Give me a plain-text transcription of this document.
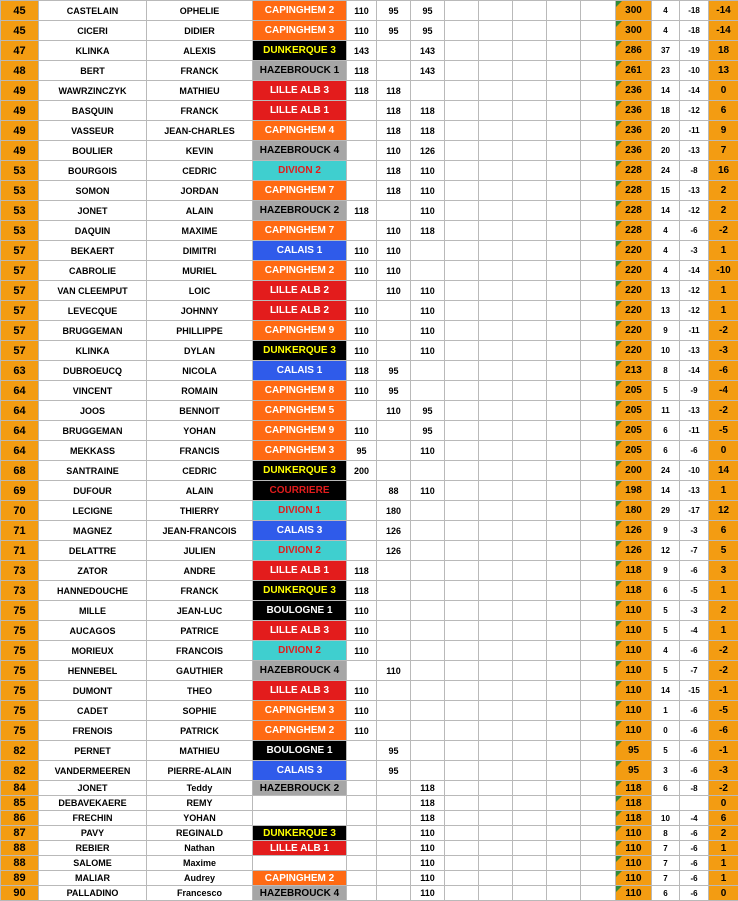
45	CASTELAIN	OPHELIE	CAPINGHEM 2	110	95	95						300	4	-18	-14
45	CICERI	DIDIER	CAPINGHEM 3	110	95	95						300	4	-18	-14
47	KLINKA	ALEXIS	DUNKERQUE 3	143		143						286	37	-19	18
48	BERT	FRANCK	HAZEBROUCK 1	118		143						261	23	-10	13
49	WAWRZINCZYK	MATHIEU	LILLE ALB 3	118	118							236	14	-14	0
49	BASQUIN	FRANCK	LILLE ALB 1		118	118						236	18	-12	6
49	VASSEUR	JEAN-CHARLES	CAPINGHEM 4		118	118						236	20	-11	9
49	BOULIER	KEVIN	HAZEBROUCK 4		110	126						236	20	-13	7
53	BOURGOIS	CEDRIC	DIVION 2		118	110						228	24	-8	16
53	SOMON	JORDAN	CAPINGHEM 7		118	110						228	15	-13	2
53	JONET	ALAIN	HAZEBROUCK 2	118		110						228	14	-12	2
53	DAQUIN	MAXIME	CAPINGHEM 7		110	118						228	4	-6	-2
57	BEKAERT	DIMITRI	CALAIS 1	110	110							220	4	-3	1
57	CABROLIE	MURIEL	CAPINGHEM 2	110	110							220	4	-14	-10
57	VAN CLEEMPUT	LOIC	LILLE ALB 2		110	110						220	13	-12	1
57	LEVECQUE	JOHNNY	LILLE ALB 2	110		110						220	13	-12	1
57	BRUGGEMAN	PHILLIPPE	CAPINGHEM 9	110		110						220	9	-11	-2
57	KLINKA	DYLAN	DUNKERQUE 3	110		110						220	10	-13	-3
63	DUBROEUCQ	NICOLA	CALAIS 1	118	95							213	8	-14	-6
64	VINCENT	ROMAIN	CAPINGHEM 8	110	95							205	5	-9	-4
64	JOOS	BENNOIT	CAPINGHEM 5		110	95						205	11	-13	-2
64	BRUGGEMAN	YOHAN	CAPINGHEM 9	110		95						205	6	-11	-5
64	MEKKASS	FRANCIS	CAPINGHEM 3	95		110						205	6	-6	0
68	SANTRAINE	CEDRIC	DUNKERQUE 3	200								200	24	-10	14
69	DUFOUR	ALAIN	COURRIERE		88	110						198	14	-13	1
70	LECIGNE	THIERRY	DIVION 1		180							180	29	-17	12
71	MAGNEZ	JEAN-FRANCOIS	CALAIS 3		126							126	9	-3	6
71	DELATTRE	JULIEN	DIVION 2		126							126	12	-7	5
73	ZATOR	ANDRE	LILLE ALB 1	118								118	9	-6	3
73	HANNEDOUCHE	FRANCK	DUNKERQUE 3	118								118	6	-5	1
75	MILLE	JEAN-LUC	BOULOGNE 1	110								110	5	-3	2
75	AUCAGOS	PATRICE	LILLE ALB 3	110								110	5	-4	1
75	MORIEUX	FRANCOIS	DIVION 2	110								110	4	-6	-2
75	HENNEBEL	GAUTHIER	HAZEBROUCK 4		110							110	5	-7	-2
75	DUMONT	THEO	LILLE ALB 3	110								110	14	-15	-1
75	CADET	SOPHIE	CAPINGHEM 3	110								110	1	-6	-5
75	FRENOIS	PATRICK	CAPINGHEM 2	110								110	0	-6	-6
82	PERNET	MATHIEU	BOULOGNE 1		95							95	5	-6	-1
82	VANDERMEEREN	PIERRE-ALAIN	CALAIS 3		95							95	3	-6	-3
84	JONET	Teddy	HAZEBROUCK 2			118						118	6	-8	-2
85	DEBAVEKAERE	REMY				118						118			0
86	FRECHIN	YOHAN				118						118	10	-4	6
87	PAVY	REGINALD	DUNKERQUE 3			110						110	8	-6	2
88	REBIER	Nathan	LILLE ALB 1			110						110	7	-6	1
88	SALOME	Maxime				110						110	7	-6	1
89	MALIAR	Audrey	CAPINGHEM 2			110						110	7	-6	1
90	PALLADINO	Francesco	HAZEBROUCK 4			110						110	6	-6	0
